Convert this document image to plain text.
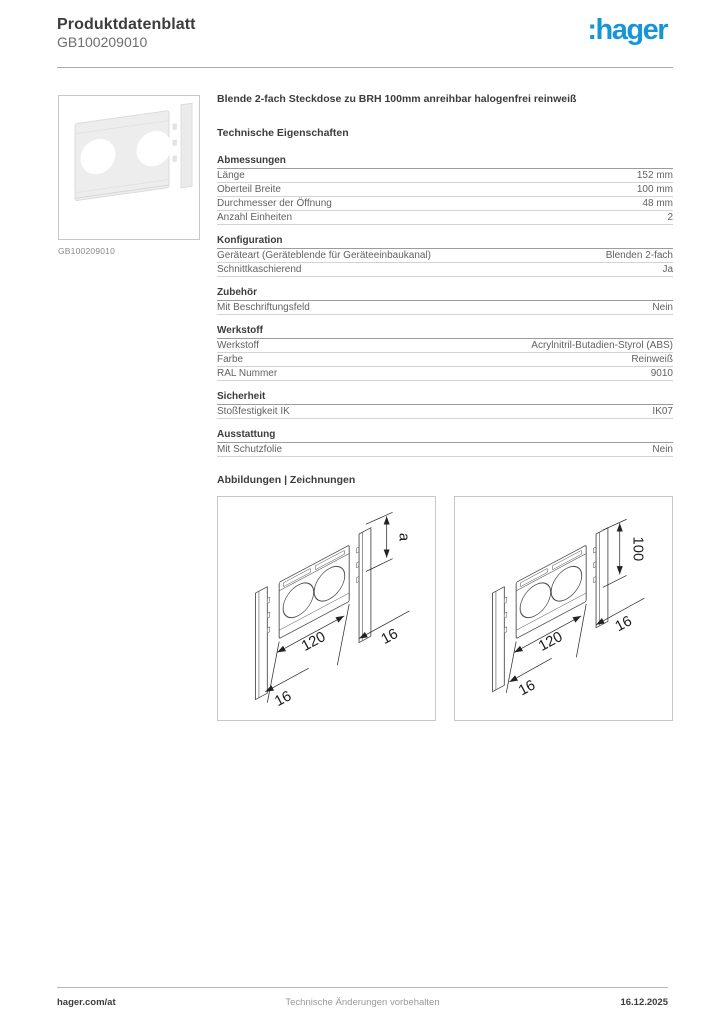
Produktdatenblatt
GB100209010	:hager
GB100209010
Blende 2-fach Steckdose zu BRH 100mm anreihbar halogenfrei reinweiß
Technische Eigenschaften
Abmessungen
Länge	152 mm
Oberteil Breite	100 mm
Durchmesser der Öffnung	48 mm
Anzahl Einheiten	2
Konfiguration
Geräteart (Geräteblende für Geräteeinbaukanal)	Blenden 2-fach
Schnittkaschierend	Ja
Zubehör
Mit Beschriftungsfeld	Nein
Werkstoff
Werkstoff	Acrylnitril-Butadien-Styrol (ABS)
Farbe	Reinweiß
RAL Nummer	9010
Sicherheit
Stoßfestigkeit IK	IK07
Ausstattung
Mit Schutzfolie	Nein
Abbildungen | Zeichnungen
a
16
120
16
100
16
120
16
hager.com/at	Technische Änderungen vorbehalten	16.12.2025
